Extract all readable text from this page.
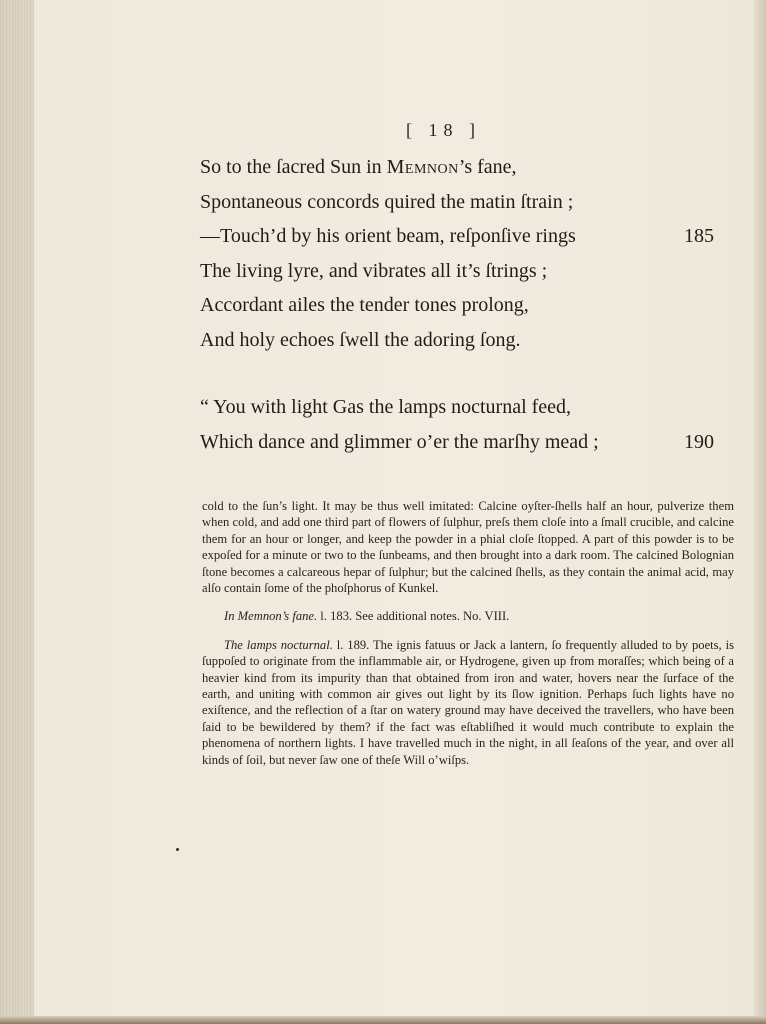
[ 18 ]
So to the ſacred Sun in Memnon’s fane,
Spontaneous concords quired the matin ſtrain ;
—Touch’d by his orient beam, reſponſive rings	185
The living lyre, and vibrates all it’s ſtrings ;
Accordant ailes the tender tones prolong,
And holy echoes ſwell the adoring ſong.
“ You with light Gas the lamps nocturnal feed,
Which dance and glimmer o’er the marſhy mead ;	190

cold to the ſun’s light. It may be thus well imitated: Calcine oyſter-ſhells half an hour, pulverize them when cold, and add one third part of flowers of ſulphur, preſs them cloſe into a ſmall crucible, and calcine them for an hour or longer, and keep the powder in a phial cloſe ſtopped. A part of this powder is to be expoſed for a minute or two to the ſunbeams, and then brought into a dark room. The calcined Bolognian ſtone becomes a calcareous hepar of ſulphur; but the calcined ſhells, as they contain the animal acid, may alſo contain ſome of the phoſphorus of Kunkel.

In Memnon’s fane. l. 183. See additional notes. No. VIII.

The lamps nocturnal. l. 189. The ignis fatuus or Jack a lantern, ſo frequently alluded to by poets, is ſuppoſed to originate from the inflammable air, or Hydrogene, given up from moraſſes; which being of a heavier kind from its impurity than that obtained from iron and water, hovers near the ſurface of the earth, and uniting with common air gives out light by its ſlow ignition. Perhaps ſuch lights have no exiſtence, and the reflection of a ſtar on watery ground may have deceived the travellers, who have been ſaid to be bewildered by them? if the fact was eſtabliſhed it would much contribute to explain the phenomena of northern lights. I have travelled much in the night, in all ſeaſons of the year, and over all kinds of ſoil, but never ſaw one of theſe Will o’wiſps.
